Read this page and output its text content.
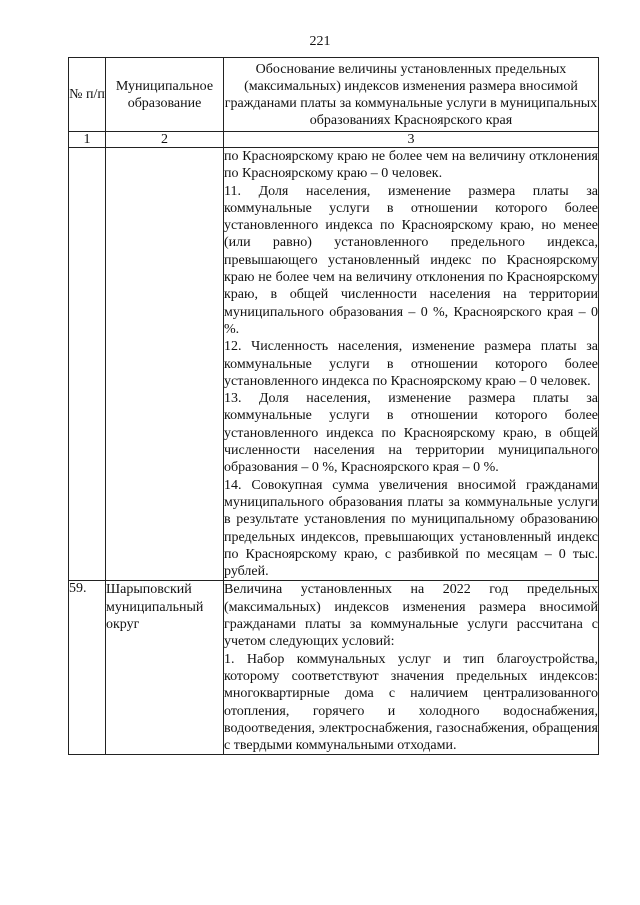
221
№ п/п	Муниципальное образование	Обоснование величины установленных предельных (максимальных) индексов изменения размера вносимой гражданами платы за коммунальные услуги в муниципальных образованиях Красноярского края
1	2	3

		по Красноярскому краю не более чем на величину отклонения по Красноярскому краю – 0 человек.

11. Доля населения, изменение размера платы за коммунальные услуги в отношении которого более установленного индекса по Красноярскому краю, но менее (или равно) установленного предельного индекса, превышающего установленный индекс по Красноярскому краю не более чем на величину отклонения по Красноярскому краю, в общей численности населения на территории муниципального образования – 0 %, Красноярского края – 0 %.

12. Численность населения, изменение размера платы за коммунальные услуги в отношении которого более установленного индекса по Красноярскому краю – 0 человек.

13. Доля населения, изменение размера платы за коммунальные услуги в отношении которого более установленного индекса по Красноярскому краю, в общей численности населения на территории муниципального образования – 0 %, Красноярского края – 0 %.

14. Совокупная сумма увеличения вносимой гражданами муниципального образования платы за коммунальные услуги в результате установления по муниципальному образованию предельных индексов, превышающих установленный индекс по Красноярскому краю, с разбивкой по месяцам – 0 тыс. рублей.

59.	Шарыповский муниципальный округ	Величина установленных на 2022 год предельных (максимальных) индексов изменения размера вносимой гражданами платы за коммунальные услуги рассчитана с учетом следующих условий:

1. Набор коммунальных услуг и тип благоустройства, которому соответствуют значения предельных индексов: многоквартирные дома с наличием централизованного отопления, горячего и холодного водоснабжения, водоотведения, электроснабжения, газоснабжения, обращения с твердыми коммунальными отходами.
